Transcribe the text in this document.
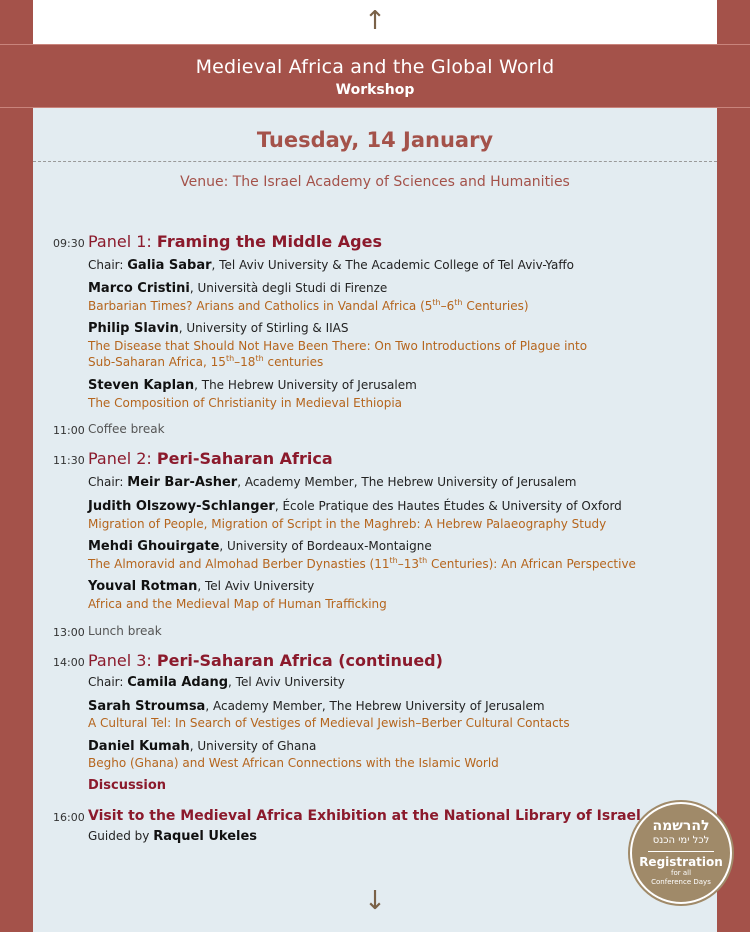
↑
Medieval Africa and the Global World
Workshop
Tuesday, 14 January
Venue: The Israel Academy of Sciences and Humanities
09:30 Panel 1: Framing the Middle Ages
Chair: Galia Sabar, Tel Aviv University & The Academic College of Tel Aviv-Yaffo
Marco Cristini, Università degli Studi di Firenze
Barbarian Times? Arians and Catholics in Vandal Africa (5th–6th Centuries)
Philip Slavin, University of Stirling & IIAS
The Disease that Should Not Have Been There: On Two Introductions of Plague into
Sub-Saharan Africa, 15th–18th centuries
Steven Kaplan, The Hebrew University of Jerusalem
The Composition of Christianity in Medieval Ethiopia
11:00 Coffee break
11:30 Panel 2: Peri-Saharan Africa
Chair: Meir Bar-Asher, Academy Member, The Hebrew University of Jerusalem
Judith Olszowy-Schlanger, École Pratique des Hautes Études & University of Oxford
Migration of People, Migration of Script in the Maghreb: A Hebrew Palaeography Study
Mehdi Ghouirgate, University of Bordeaux-Montaigne
The Almoravid and Almohad Berber Dynasties (11th–13th Centuries): An African Perspective
Youval Rotman, Tel Aviv University
Africa and the Medieval Map of Human Trafficking
13:00 Lunch break
14:00 Panel 3: Peri-Saharan Africa (continued)
Chair: Camila Adang, Tel Aviv University
Sarah Stroumsa, Academy Member, The Hebrew University of Jerusalem
A Cultural Tel: In Search of Vestiges of Medieval Jewish–Berber Cultural Contacts
Daniel Kumah, University of Ghana
Begho (Ghana) and West African Connections with the Islamic World
Discussion
16:00 Visit to the Medieval Africa Exhibition at the National Library of Israel
Guided by Raquel Ukeles
↓
להרשמה
לכל ימי הכנס
Registration
for all
Conference Days
